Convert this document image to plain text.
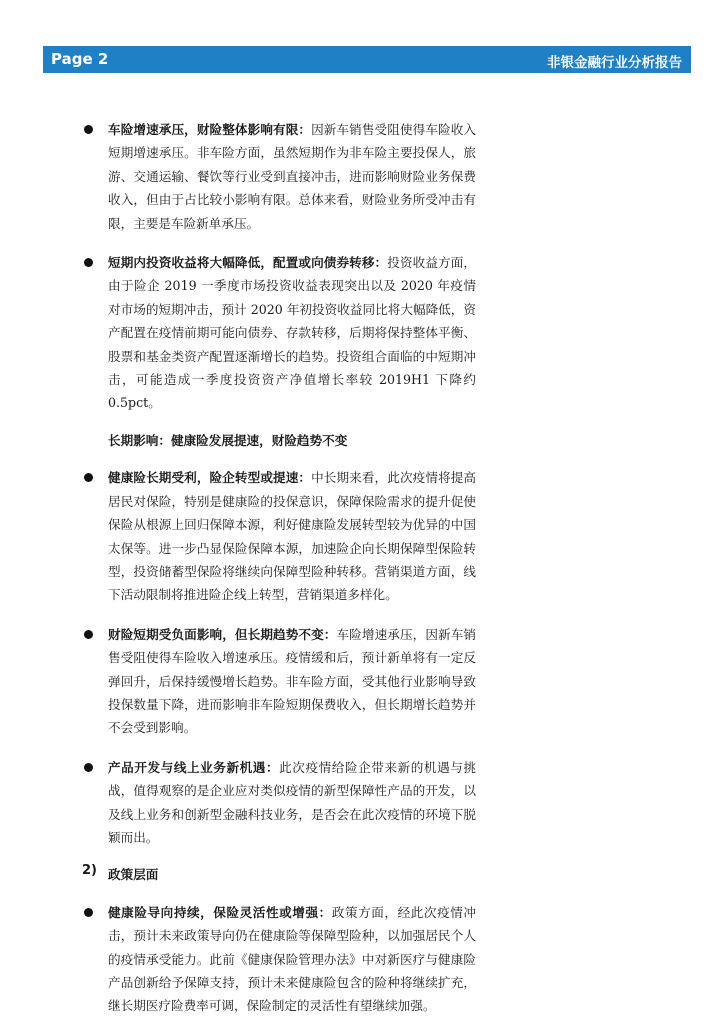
Page 2	非银金融行业分析报告
车险增速承压，财险整体影响有限：因新车销售受阻使得车险收入短期增速承压。非车险方面，虽然短期作为非车险主要投保人，旅游、交通运输、餐饮等行业受到直接冲击，进而影响财险业务保费收入，但由于占比较小影响有限。总体来看，财险业务所受冲击有限，主要是车险新单承压。
短期内投资收益将大幅降低，配置或向债券转移：投资收益方面，由于险企 2019 一季度市场投资收益表现突出以及 2020 年疫情对市场的短期冲击，预计 2020 年初投资收益同比将大幅降低，资产配置在疫情前期可能向债券、存款转移，后期将保持整体平衡、股票和基金类资产配置逐渐增长的趋势。投资组合面临的中短期冲击，可能造成一季度投资资产净值增长率较 2019H1 下降约 0.5pct。
长期影响：健康险发展提速，财险趋势不变
健康险长期受利，险企转型或提速：中长期来看，此次疫情将提高居民对保险，特别是健康险的投保意识，保障保险需求的提升促使保险从根源上回归保障本源，利好健康险发展转型较为优异的中国太保等。进一步凸显保险保障本源，加速险企向长期保障型保险转型，投资储蓄型保险将继续向保障型险种转移。营销渠道方面，线下活动限制将推进险企线上转型，营销渠道多样化。
财险短期受负面影响，但长期趋势不变：车险增速承压，因新车销售受阻使得车险收入增速承压。疫情缓和后，预计新单将有一定反弹回升，后保持缓慢增长趋势。非车险方面，受其他行业影响导致投保数量下降，进而影响非车险短期保费收入，但长期增长趋势并不会受到影响。
产品开发与线上业务新机遇：此次疫情给险企带来新的机遇与挑战，值得观察的是企业应对类似疫情的新型保障性产品的开发，以及线上业务和创新型金融科技业务，是否会在此次疫情的环境下脱颖而出。
2) 政策层面
健康险导向持续，保险灵活性或增强：政策方面，经此次疫情冲击，预计未来政策导向仍在健康险等保障型险种，以加强居民个人的疫情承受能力。此前《健康保险管理办法》中对新医疗与健康险产品创新给予保障支持，预计未来健康险包含的险种将继续扩充，继长期医疗险费率可调，保险制定的灵活性有望继续加强。
